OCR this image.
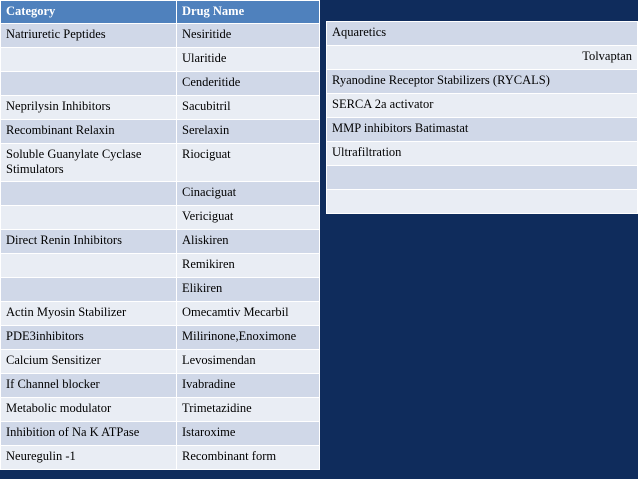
Category	Drug Name
Natriuretic Peptides	Nesiritide
	Ularitide
	Cenderitide
Neprilysin Inhibitors	Sacubitril
Recombinant Relaxin	Serelaxin
Soluble Guanylate Cyclase Stimulators	Riociguat
	Cinaciguat
	Vericiguat
Direct Renin Inhibitors	Aliskiren
	Remikiren
	Elikiren
Actin Myosin Stabilizer	Omecamtiv Mecarbil
PDE3inhibitors	Milirinone,Enoximone
Calcium Sensitizer	Levosimendan
If Channel blocker	Ivabradine
Metabolic modulator	Trimetazidine
Inhibition of Na K ATPase	Istaroxime
Neuregulin -1	Recombinant form
Aquaretics
Tolvaptan
Ryanodine Receptor Stabilizers (RYCALS)
SERCA 2a activator
MMP inhibitors Batimastat
Ultrafiltration
